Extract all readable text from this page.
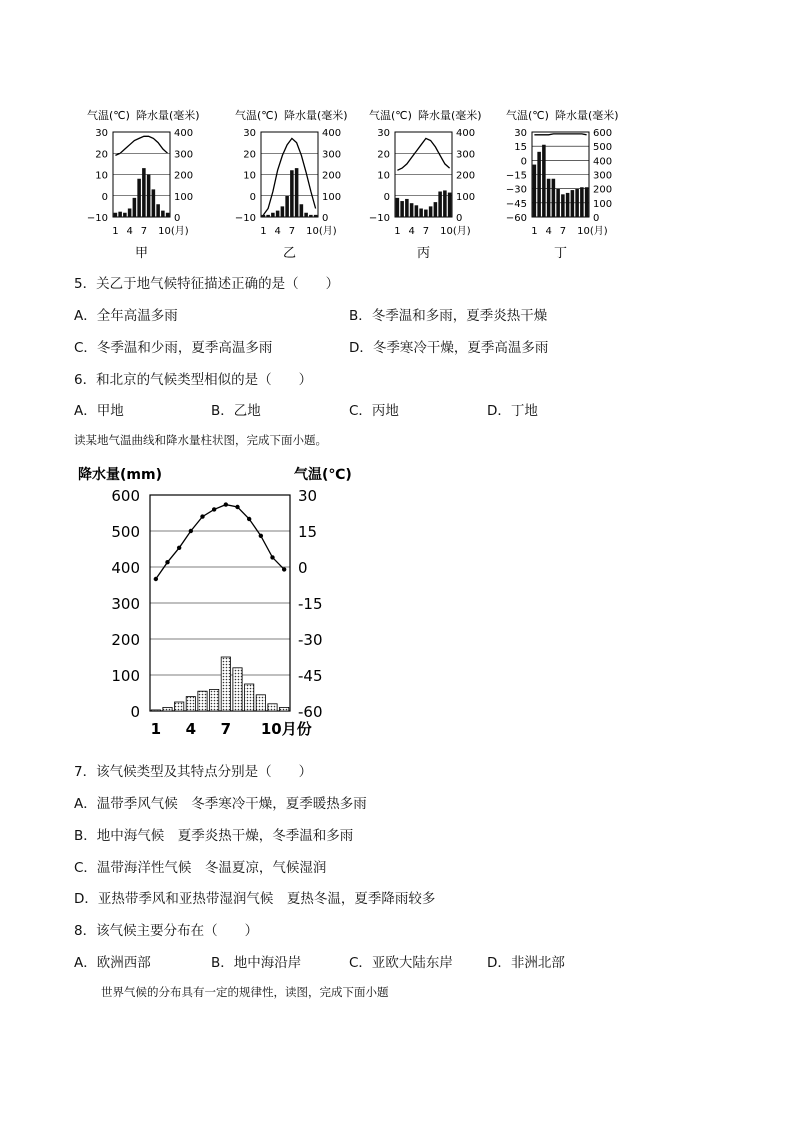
气温(℃) 降水量(毫米)
30	400
20	300
10	200
0	100
−10	0
1 4 7 10(月)
甲
气温(℃) 降水量(毫米)
30	400
20	300
10	200
0	100
−10	0
1 4 7 10(月)
乙
气温(℃) 降水量(毫米)
30	400
20	300
10	200
0	100
−10	0
1 4 7 10(月)
丙
气温(℃) 降水量(毫米)
30	600
15	500
0	400
−15	300
−30	200
−45	100
−60	0
1 4 7 10(月)
丁
5．关乙于地气候特征描述正确的是（　　）
A．全年高温多雨	B．冬季温和多雨，夏季炎热干燥
C．冬季温和少雨，夏季高温多雨	D．冬季寒冷干燥，夏季高温多雨
6．和北京的气候类型相似的是（　　）
A．甲地	B．乙地	C．丙地	D．丁地
读某地气温曲线和降水量柱状图，完成下面小题。
降水量(mm)	气温(℃)
600	30
500	15
400	0
300	-15
200	-30
100	-45
0	-60
1 4 7 10月份
7．该气候类型及其特点分别是（　　）
A．温带季风气候　冬季寒冷干燥，夏季暖热多雨
B．地中海气候　夏季炎热干燥，冬季温和多雨
C．温带海洋性气候　冬温夏凉，气候湿润
D．亚热带季风和亚热带湿润气候　夏热冬温，夏季降雨较多
8．该气候主要分布在（　　）
A．欧洲西部	B．地中海沿岸	C．亚欧大陆东岸	D．非洲北部
世界气候的分布具有一定的规律性，读图，完成下面小题
